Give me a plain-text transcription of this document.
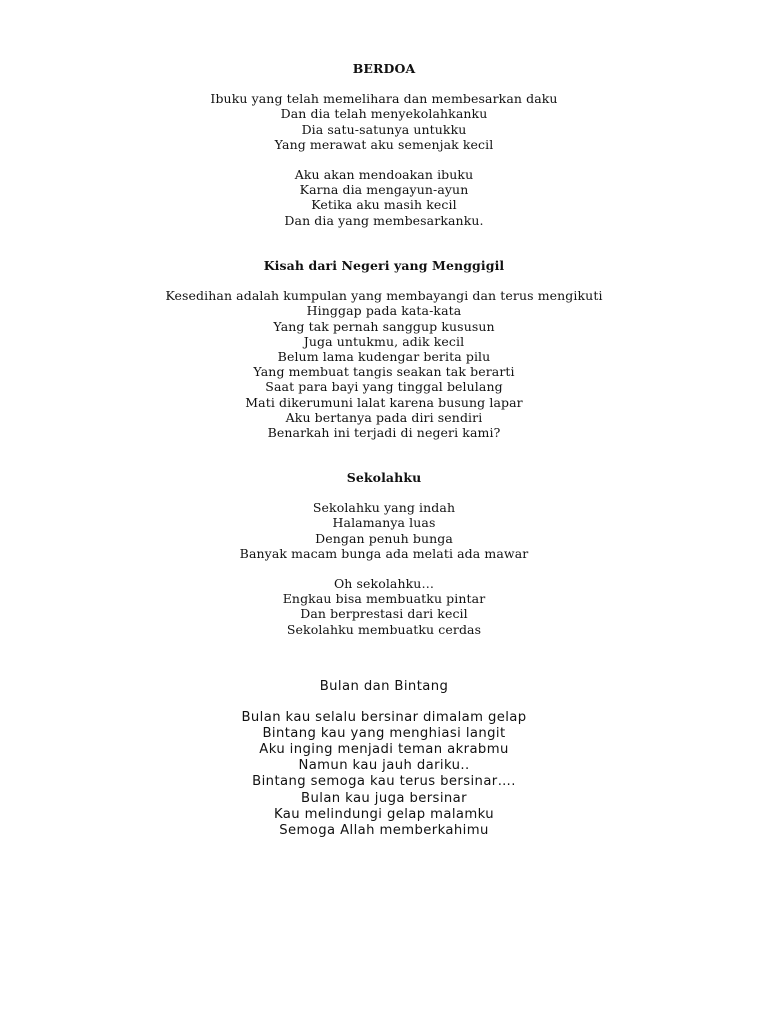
BERDOA
Ibuku yang telah memelihara dan membesarkan daku
Dan dia telah menyekolahkanku
Dia satu-satunya untukku
Yang merawat aku semenjak kecil
Aku akan mendoakan ibuku
Karna dia mengayun-ayun
Ketika aku masih kecil
Dan dia yang membesarkanku.
Kisah dari Negeri yang Menggigil
Kesedihan adalah kumpulan yang membayangi dan terus mengikuti
Hinggap pada kata-kata
Yang tak pernah sanggup kususun
Juga untukmu, adik kecil
Belum lama kudengar berita pilu
Yang membuat tangis seakan tak berarti
Saat para bayi yang tinggal belulang
Mati dikerumuni lalat karena busung lapar
Aku bertanya pada diri sendiri
Benarkah ini terjadi di negeri kami?
Sekolahku
Sekolahku yang indah
Halamanya luas
Dengan penuh bunga
Banyak macam bunga ada melati ada mawar
Oh sekolahku…
Engkau bisa membuatku pintar
Dan berprestasi dari kecil
Sekolahku membuatku cerdas
Bulan dan Bintang
Bulan kau selalu bersinar dimalam gelap
Bintang kau yang menghiasi langit
Aku inging menjadi teman akrabmu
Namun kau jauh dariku..
Bintang semoga kau terus bersinar….
Bulan kau juga bersinar
Kau melindungi gelap malamku
Semoga Allah memberkahimu
